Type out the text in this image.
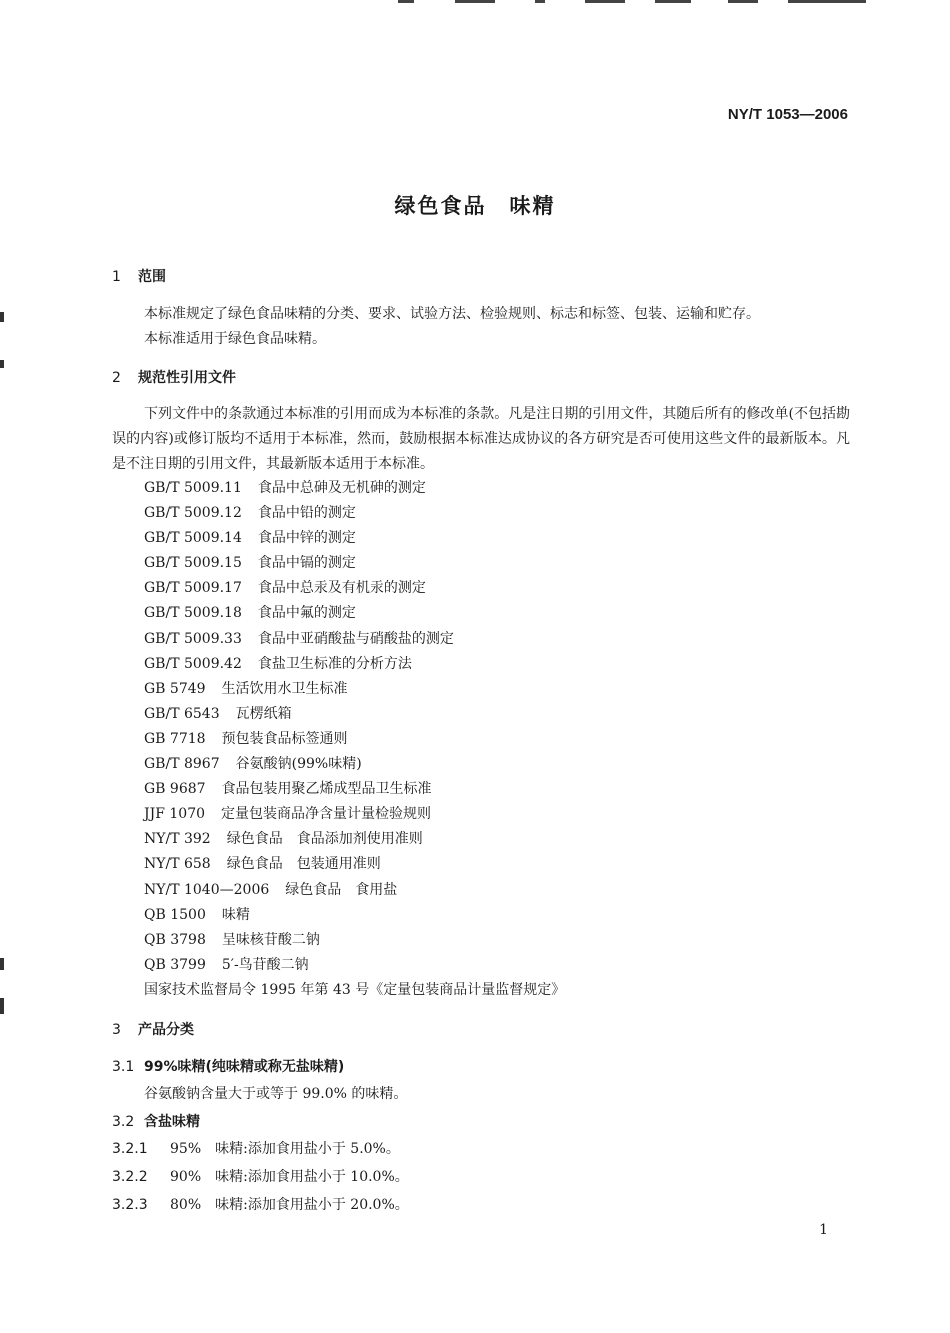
NY/T 1053—2006
绿色食品　味精
1 范围
本标准规定了绿色食品味精的分类、要求、试验方法、检验规则、标志和标签、包装、运输和贮存。
本标准适用于绿色食品味精。
2 规范性引用文件
下列文件中的条款通过本标准的引用而成为本标准的条款。凡是注日期的引用文件，其随后所有的修改单(不包括勘误的内容)或修订版均不适用于本标准，然而，鼓励根据本标准达成协议的各方研究是否可使用这些文件的最新版本。凡是不注日期的引用文件，其最新版本适用于本标准。
GB/T 5009.11 食品中总砷及无机砷的测定
GB/T 5009.12 食品中铅的测定
GB/T 5009.14 食品中锌的测定
GB/T 5009.15 食品中镉的测定
GB/T 5009.17 食品中总汞及有机汞的测定
GB/T 5009.18 食品中氟的测定
GB/T 5009.33 食品中亚硝酸盐与硝酸盐的测定
GB/T 5009.42 食盐卫生标准的分析方法
GB 5749 生活饮用水卫生标准
GB/T 6543 瓦楞纸箱
GB 7718 预包装食品标签通则
GB/T 8967 谷氨酸钠(99%味精)
GB 9687 食品包装用聚乙烯成型品卫生标准
JJF 1070 定量包装商品净含量计量检验规则
NY/T 392 绿色食品　食品添加剂使用准则
NY/T 658 绿色食品　包装通用准则
NY/T 1040—2006 绿色食品　食用盐
QB 1500 味精
QB 3798 呈味核苷酸二钠
QB 3799 5′-鸟苷酸二钠
国家技术监督局令 1995 年第 43 号《定量包装商品计量监督规定》
3 产品分类
3.1 99%味精(纯味精或称无盐味精)
谷氨酸钠含量大于或等于 99.0% 的味精。
3.2 含盐味精
3.2.1 95%　味精:添加食用盐小于 5.0%。
3.2.2 90%　味精:添加食用盐小于 10.0%。
3.2.3 80%　味精:添加食用盐小于 20.0%。
1
